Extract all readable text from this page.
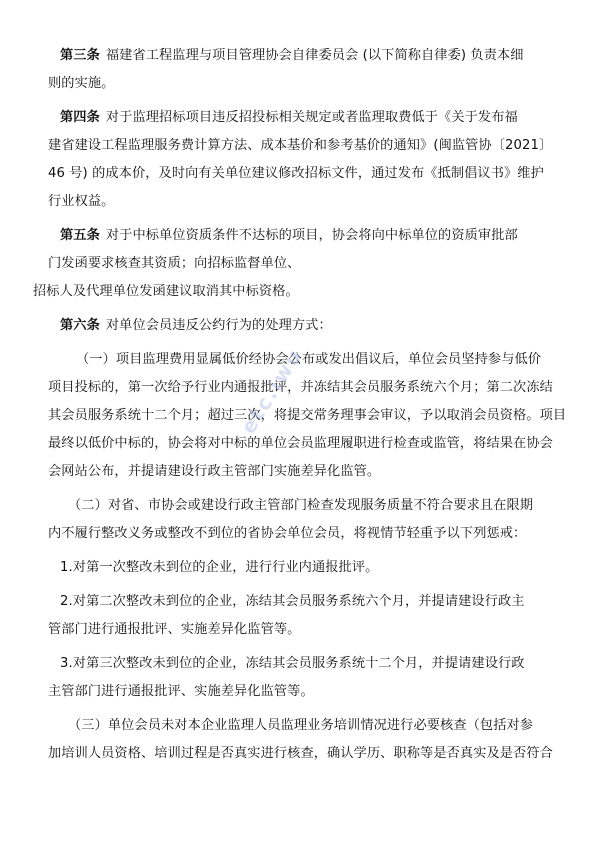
第三条 福建省工程监理与项目管理协会自律委员会 (以下简称自律委) 负责本细
则的实施。

第四条 对于监理招标项目违反招投标相关规定或者监理取费低于《关于发布福
建省建设工程监理服务费计算方法、成本基价和参考基价的通知》(闽监管协〔2021〕
46 号) 的成本价，及时向有关单位建议修改招标文件，通过发布《抵制倡议书》维护
行业权益。

第五条 对于中标单位资质条件不达标的项目，协会将向中标单位的资质审批部
门发函要求核查其资质；向招标监督单位、
招标人及代理单位发函建议取消其中标资格。

第六条 对单位会员违反公约行为的处理方式：

（一）项目监理费用显属低价经协会公布或发出倡议后，单位会员坚持参与低价
项目投标的，第一次给予行业内通报批评，并冻结其会员服务系统六个月；第二次冻结
其会员服务系统十二个月；超过三次，将提交常务理事会审议，予以取消会员资格。项目
最终以低价中标的，协会将对中标的单位会员监理履职进行检查或监管，将结果在协会
会网站公布，并提请建设行政主管部门实施差异化监管。

（二）对省、市协会或建设行政主管部门检查发现服务质量不符合要求且在限期
内不履行整改义务或整改不到位的省协会单位会员，将视情节轻重予以下列惩戒：

1.对第一次整改未到位的企业，进行行业内通报批评。

2.对第二次整改未到位的企业，冻结其会员服务系统六个月，并提请建设行政主
管部门进行通报批评、实施差异化监管等。

3.对第三次整改未到位的企业，冻结其会员服务系统十二个月，并提请建设行政
主管部门进行通报批评、实施差异化监管等。

（三）单位会员未对本企业监理人员监理业务培训情况进行必要核查（包括对参
加培训人员资格、培训过程是否真实进行核查，确认学历、职称等是否真实及是否符合

etc.iwu
